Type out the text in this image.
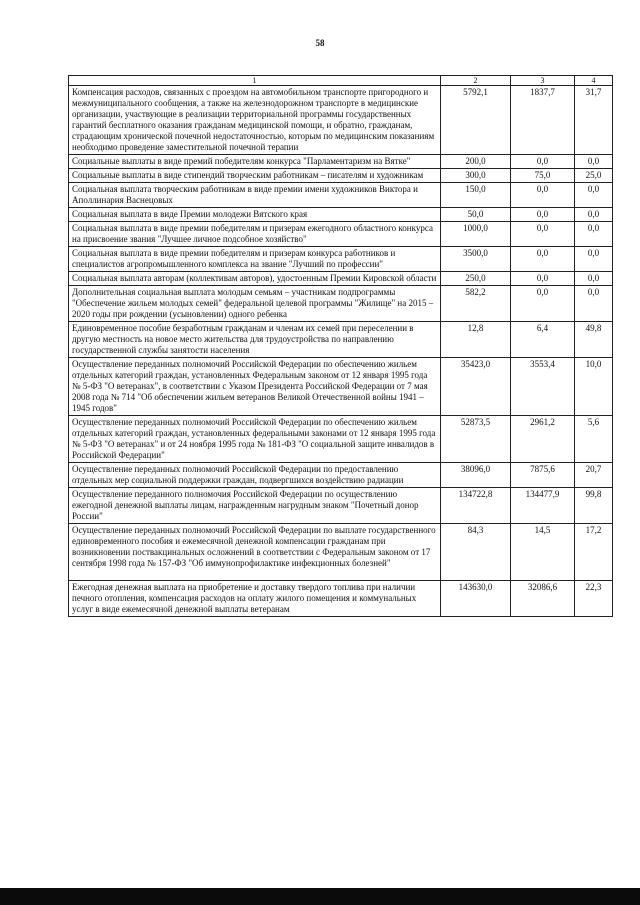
58
1	2	3	4
Компенсация расходов, связанных с проездом на автомобильном транспорте пригородного и межмуниципального сообщения, а также на железнодорожном транспорте в медицинские организации, участвующие в реализации территориальной программы государственных гарантий бесплатного оказания гражданам медицинской помощи, и обратно, гражданам, страдающим хронической почечной недостаточностью, которым по медицинским показаниям необходимо проведение заместительной почечной терапии	5792,1	1837,7	31,7
Социальные выплаты в виде премий победителям конкурса "Парламентаризм на Вятке"	200,0	0,0	0,0
Социальные выплаты в виде стипендий творческим работникам – писателям и художникам	300,0	75,0	25,0
Социальная выплата творческим работникам в виде премии имени художников Виктора и Аполлинария Васнецовых	150,0	0,0	0,0
Социальная выплата в виде Премии молодежи Вятского края	50,0	0,0	0,0
Социальная выплата в виде премии победителям и призерам ежегодного областного конкурса на присвоение звания "Лучшее личное подсобное хозяйство"	1000,0	0,0	0,0
Социальная выплата в виде премии победителям и призерам конкурса работников и специалистов агропромышленного комплекса на звание "Лучший по профессии"	3500,0	0,0	0,0
Социальная выплата авторам (коллективам авторов), удостоенным Премии Кировской области	250,0	0,0	0,0
Дополнительная социальная выплата молодым семьям – участникам подпрограммы "Обеспечение жильем молодых семей" федеральной целевой программы "Жилище" на 2015 – 2020 годы при рождении (усыновлении) одного ребенка	582,2	0,0	0,0
Единовременное пособие безработным гражданам и членам их семей при переселении в другую местность на новое место жительства для трудоустройства по направлению государственной службы занятости населения	12,8	6,4	49,8
Осуществление переданных полномочий Российской Федерации по обеспечению жильем отдельных категорий граждан, установленных Федеральным законом от 12 января 1995 года № 5-ФЗ "О ветеранах", в соответствии с Указом Президента Российской Федерации от 7 мая 2008 года № 714 "Об обеспечении жильем ветеранов Великой Отечественной войны 1941 – 1945 годов"	35423,0	3553,4	10,0
Осуществление переданных полномочий Российской Федерации по обеспечению жильем отдельных категорий граждан, установленных федеральными законами от 12 января 1995 года № 5-ФЗ "О ветеранах" и от 24 ноября 1995 года № 181-ФЗ "О социальной защите инвалидов в Российской Федерации"	52873,5	2961,2	5,6
Осуществление переданных полномочий Российской Федерации по предоставлению отдельных мер социальной поддержки граждан, подвергшихся воздействию радиации	38096,0	7875,6	20,7
Осуществление переданного полномочия Российской Федерации по осуществлению ежегодной денежной выплаты лицам, награжденным нагрудным знаком "Почетный донор России"	134722,8	134477,9	99,8
Осуществление переданных полномочий Российской Федерации по выплате государственного единовременного пособия и ежемесячной денежной компенсации гражданам при возникновении поствакцинальных осложнений в соответствии с Федеральным законом от 17 сентября 1998 года № 157-ФЗ "Об иммунопрофилактике инфекционных болезней"	84,3	14,5	17,2
Ежегодная денежная выплата на приобретение и доставку твердого топлива при наличии печного отопления, компенсация расходов на оплату жилого помещения и коммунальных услуг в виде ежемесячной денежной выплаты ветеранам	143630,0	32086,6	22,3
